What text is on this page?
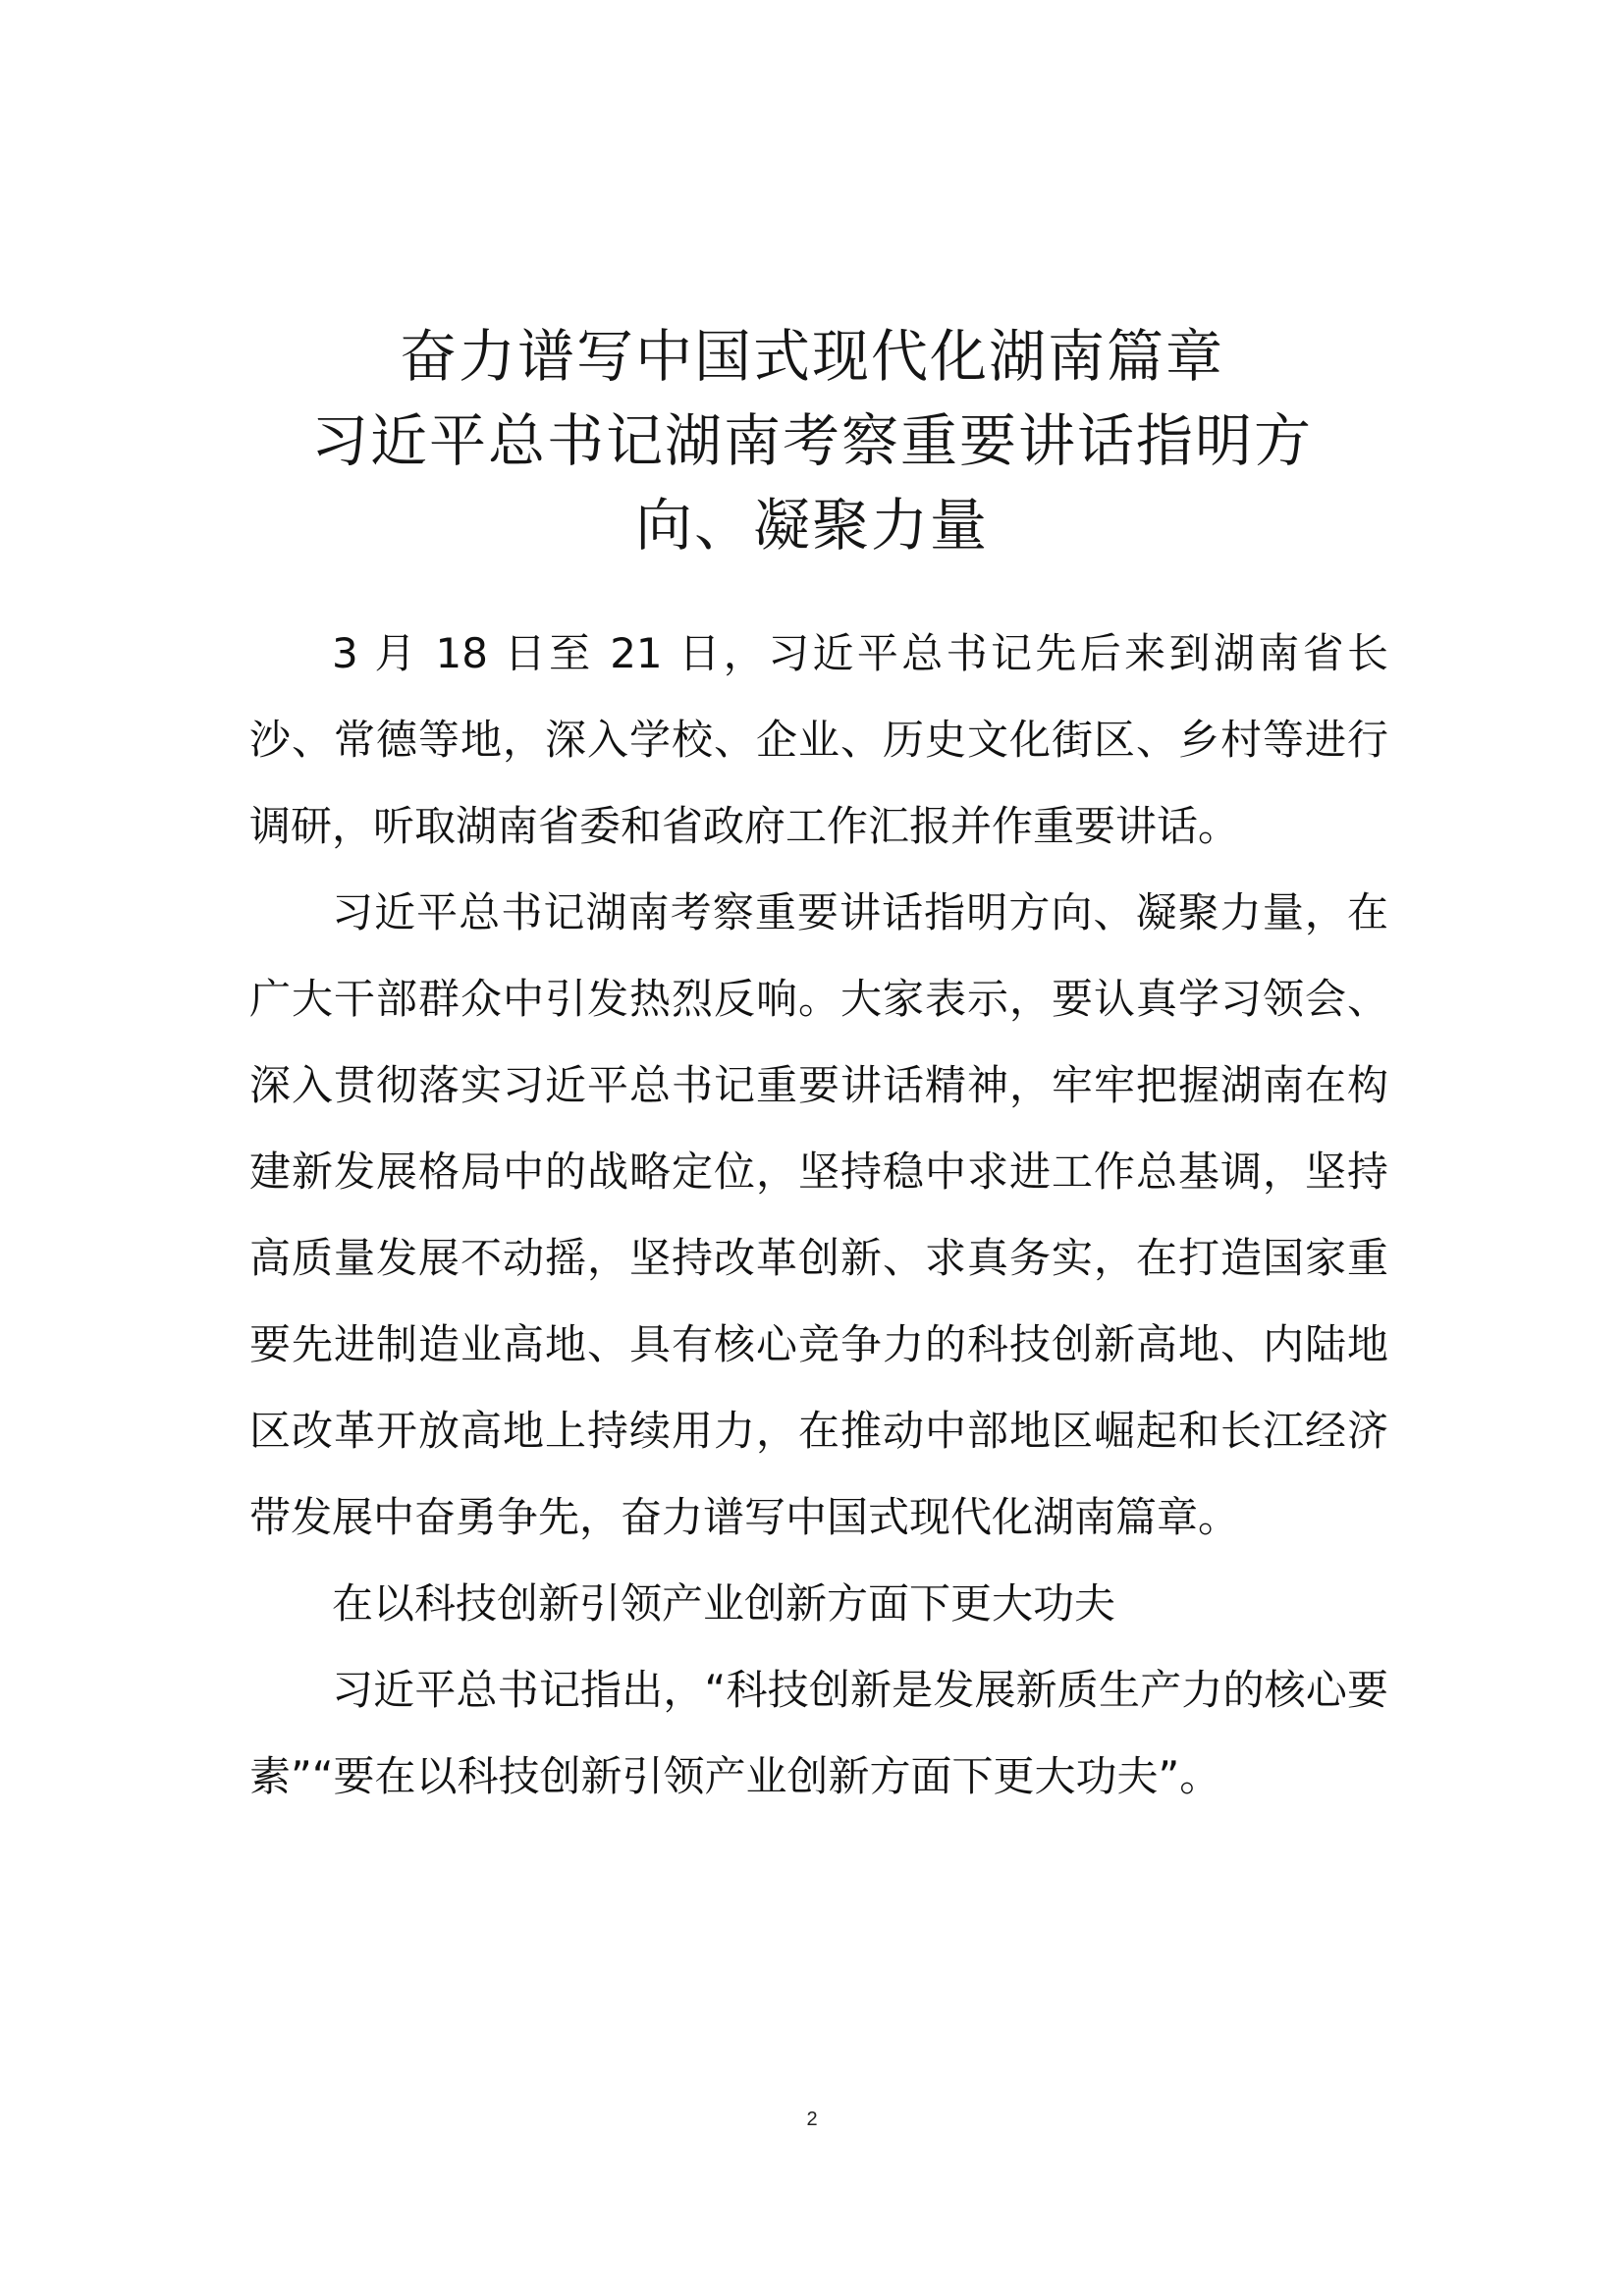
奋力谱写中国式现代化湖南篇章
习近平总书记湖南考察重要讲话指明方
向、凝聚力量

3 月 18 日至 21 日，习近平总书记先后来到湖南省长沙、常德等地，深入学校、企业、历史文化街区、乡村等进行调研，听取湖南省委和省政府工作汇报并作重要讲话。

习近平总书记湖南考察重要讲话指明方向、凝聚力量，在广大干部群众中引发热烈反响。大家表示，要认真学习领会、深入贯彻落实习近平总书记重要讲话精神，牢牢把握湖南在构建新发展格局中的战略定位，坚持稳中求进工作总基调，坚持高质量发展不动摇，坚持改革创新、求真务实，在打造国家重要先进制造业高地、具有核心竞争力的科技创新高地、内陆地区改革开放高地上持续用力，在推动中部地区崛起和长江经济带发展中奋勇争先，奋力谱写中国式现代化湖南篇章。

在以科技创新引领产业创新方面下更大功夫

习近平总书记指出，“科技创新是发展新质生产力的核心要素”“要在以科技创新引领产业创新方面下更大功夫”。

2
